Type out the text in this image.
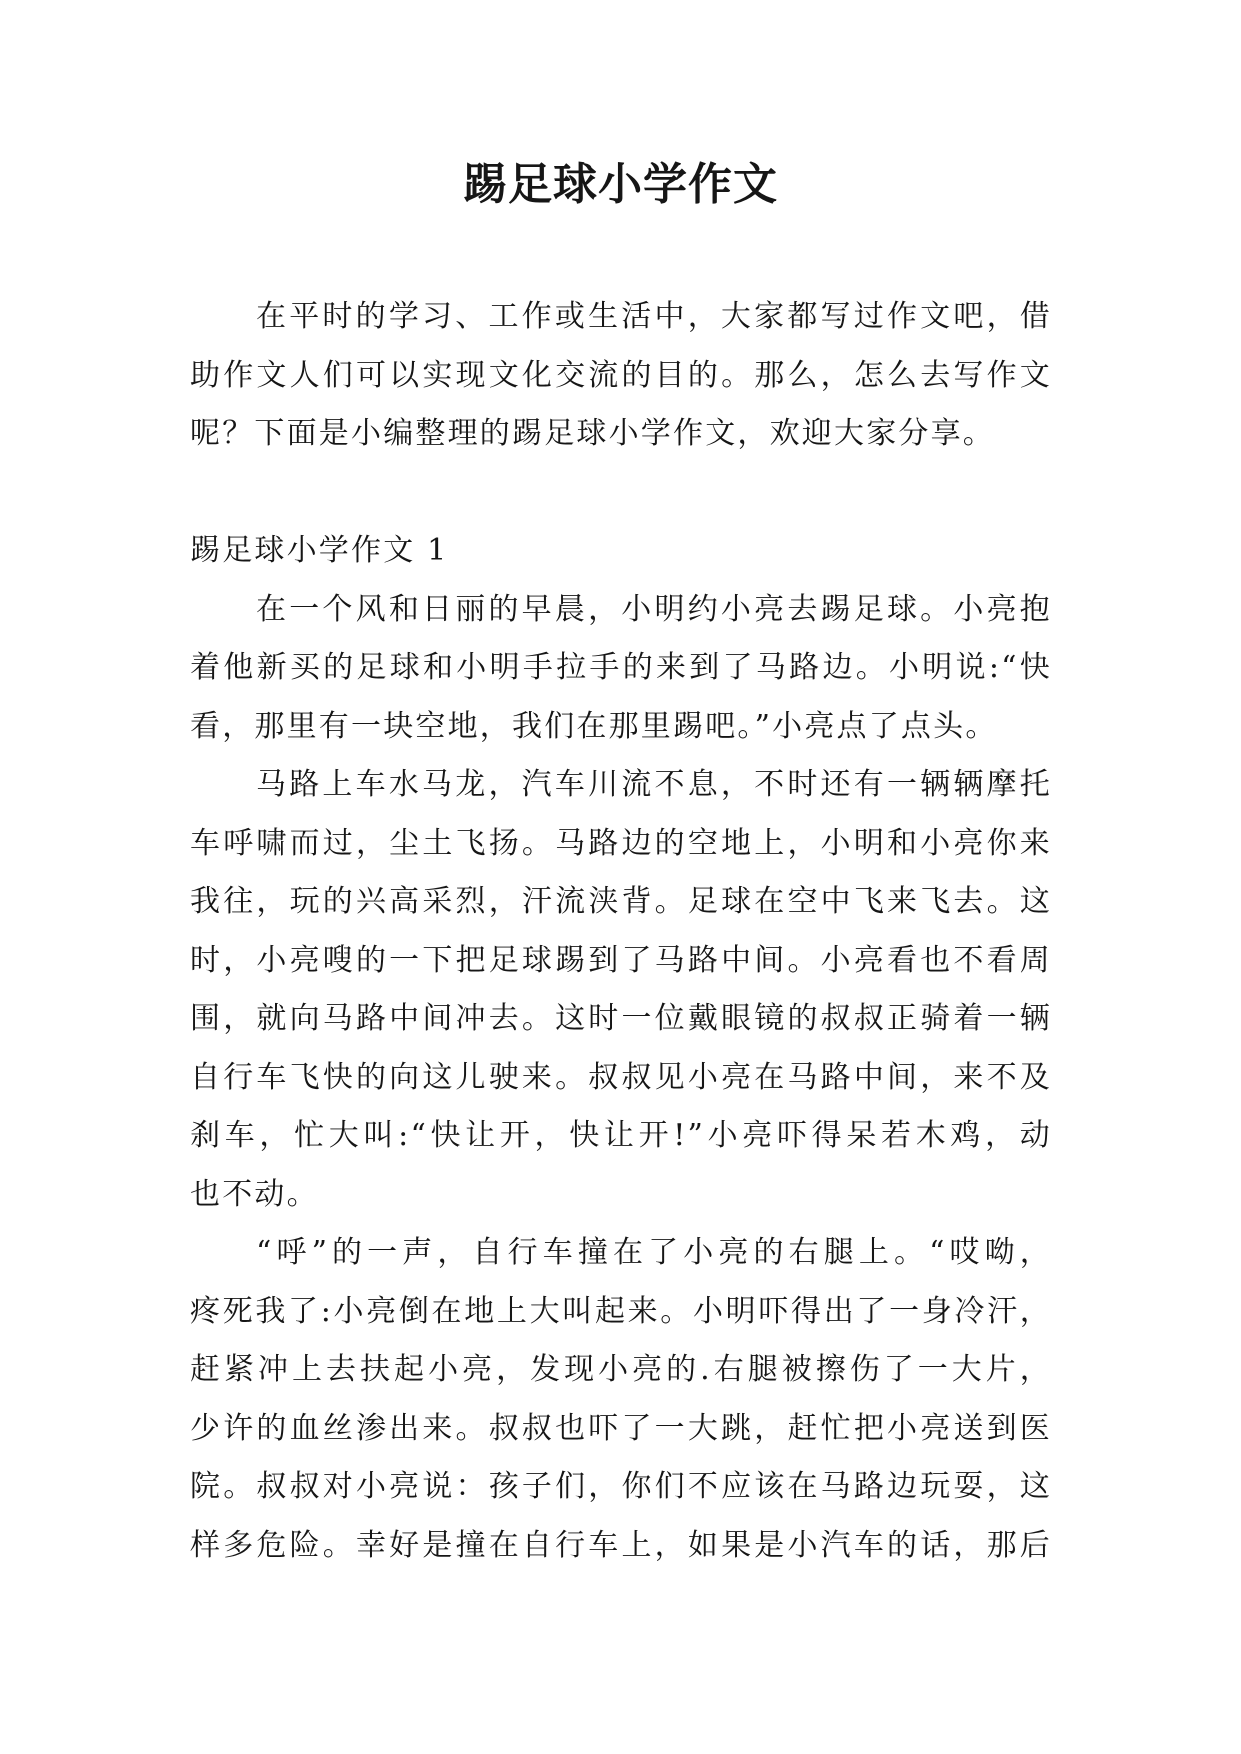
踢足球小学作文
在平时的学习、工作或生活中，大家都写过作文吧，借
助作文人们可以实现文化交流的目的。那么，怎么去写作文
呢？下面是小编整理的踢足球小学作文，欢迎大家分享。
踢足球小学作文 1
在一个风和日丽的早晨，小明约小亮去踢足球。小亮抱
着他新买的足球和小明手拉手的来到了马路边。小明说:“快
看，那里有一块空地，我们在那里踢吧。”小亮点了点头。
马路上车水马龙，汽车川流不息，不时还有一辆辆摩托
车呼啸而过，尘土飞扬。马路边的空地上，小明和小亮你来
我往，玩的兴高采烈，汗流浃背。足球在空中飞来飞去。这
时，小亮嗖的一下把足球踢到了马路中间。小亮看也不看周
围，就向马路中间冲去。这时一位戴眼镜的叔叔正骑着一辆
自行车飞快的向这儿驶来。叔叔见小亮在马路中间，来不及
刹车，忙大叫:“快让开，快让开!”小亮吓得呆若木鸡，动
也不动。
“呼”的一声，自行车撞在了小亮的右腿上。“哎呦，
疼死我了:小亮倒在地上大叫起来。小明吓得出了一身冷汗，
赶紧冲上去扶起小亮，发现小亮的.右腿被擦伤了一大片，
少许的血丝渗出来。叔叔也吓了一大跳，赶忙把小亮送到医
院。叔叔对小亮说：孩子们，你们不应该在马路边玩耍，这
样多危险。幸好是撞在自行车上，如果是小汽车的话，那后
